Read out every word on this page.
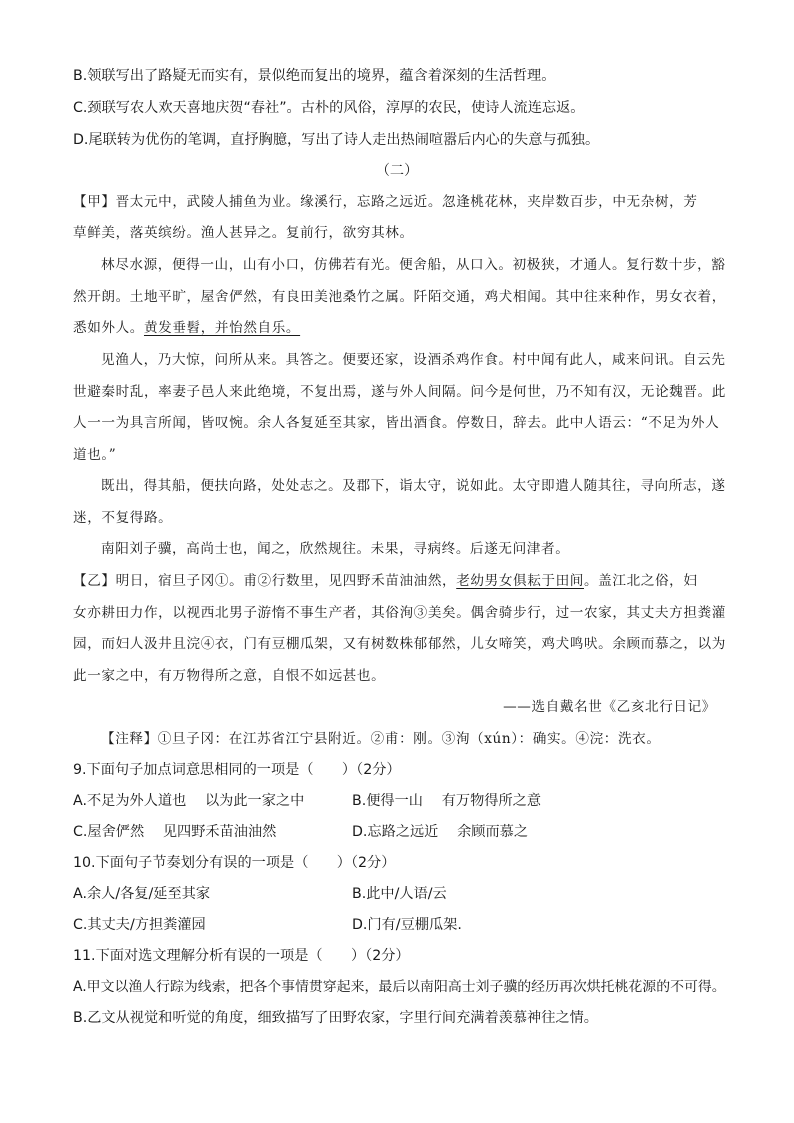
B.领联写出了路疑无而实有，景似绝而复出的境界，蕴含着深刻的生活哲理。
C.颈联写农人欢天喜地庆贺“春社”。古朴的风俗，淳厚的农民，使诗人流连忘返。
D.尾联转为优伤的笔调，直抒胸臆，写出了诗人走出热闹喧嚣后内心的失意与孤独。
（二）
【甲】晋太元中，武陵人捕鱼为业。缘溪行，忘路之远近。忽逢桃花林，夹岸数百步，中无杂树，芳
草鲜美，落英缤纷。渔人甚异之。复前行，欲穷其林。
林尽水源，便得一山，山有小口，仿佛若有光。便舍船，从口入。初极狭，才通人。复行数十步，豁
然开朗。土地平旷，屋舍俨然，有良田美池桑竹之属。阡陌交通，鸡犬相闻。其中往来种作，男女衣着，
悉如外人。黄发垂髫，并怡然自乐。
见渔人，乃大惊，问所从来。具答之。便要还家，设酒杀鸡作食。村中闻有此人，咸来问讯。自云先
世避秦时乱，率妻子邑人来此绝境，不复出焉，遂与外人间隔。问今是何世，乃不知有汉，无论魏晋。此
人一一为具言所闻，皆叹惋。余人各复延至其家，皆出酒食。停数日，辞去。此中人语云：“不足为外人
道也。”
既出，得其船，便扶向路，处处志之。及郡下，诣太守，说如此。太守即遣人随其往，寻向所志，遂
迷，不复得路。
南阳刘子骥，高尚士也，闻之，欣然规往。未果，寻病终。后遂无问津者。
【乙】明日，宿旦子冈①。甫②行数里，见四野禾苗油油然，老幼男女俱耘于田间。盖江北之俗，妇
女亦耕田力作，以视西北男子游惰不事生产者，其俗洵③美矣。偶舍骑步行，过一农家，其丈夫方担粪灌
园，而妇人汲井且浣④衣，门有豆棚瓜架，又有树数株郁郁然，儿女啼笑，鸡犬鸣吠。余顾而慕之，以为
此一家之中，有万物得所之意，自恨不如远甚也。
——选自戴名世《乙亥北行日记》
【注释】①旦子冈：在江苏省江宁县附近。②甫：刚。③洵（xún）：确实。④浣：洗衣。
9.下面句子加点词意思相同的一项是（　　）（2分）
A.不足为外人道也　 以为此一家之中	B.便得一山　 有万物得所之意
C.屋舍俨然　 见四野禾苗油油然	D.忘路之远近　 余顾而慕之
10.下面句子节奏划分有误的一项是（　　）（2分）
A.余人/各复/延至其家	B.此中/人语/云
C.其丈夫/方担粪灌园	D.门有/豆棚瓜架.
11.下面对选文理解分析有误的一项是（　　）（2分）
A.甲文以渔人行踪为线索，把各个事情贯穿起来，最后以南阳高士刘子骥的经历再次烘托桃花源的不可得。
B.乙文从视觉和听觉的角度，细致描写了田野农家，字里行间充满着羡慕神往之情。
